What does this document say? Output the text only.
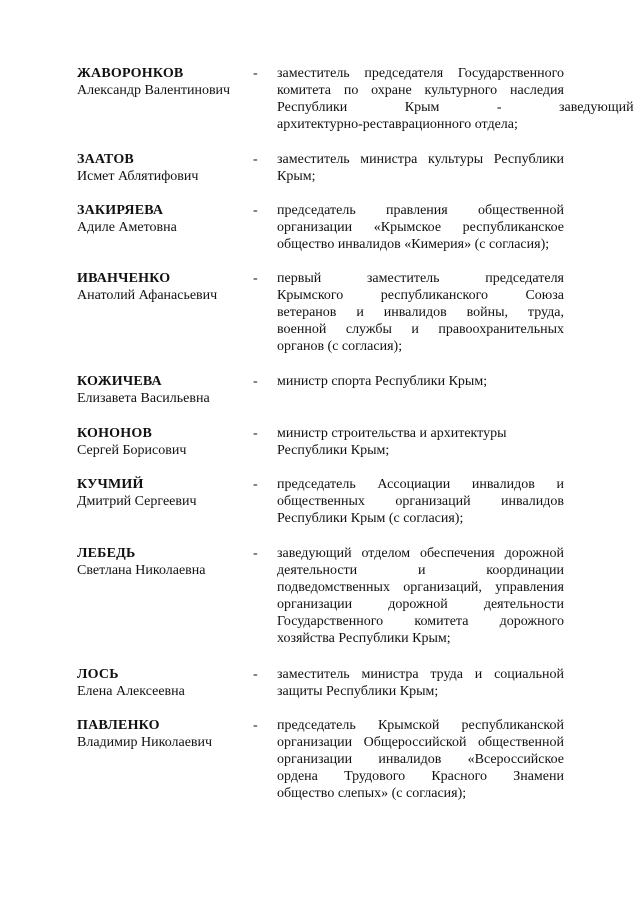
ЖАВОРОНКОВ
Александр Валентинович
-	заместитель председателя Государственного
комитета по охране культурного наследия
Республики Крым - заведующий
архитектурно-реставрационного отдела;
ЗААТОВ
Исмет Аблятифович
-	заместитель министра культуры Республики
Крым;
ЗАКИРЯЕВА
Адиле Аметовна
-	председатель правления общественной
организации «Крымское республиканское
общество инвалидов «Кимерия» (с согласия);
ИВАНЧЕНКО
Анатолий Афанасьевич
-	первый заместитель председателя
Крымского республиканского Союза
ветеранов и инвалидов войны, труда,
военной службы и правоохранительных
органов (с согласия);
КОЖИЧЕВА
Елизавета Васильевна
-	министр спорта Республики Крым;
КОНОНОВ
Сергей Борисович
-	министр строительства и архитектуры
Республики Крым;
КУЧМИЙ
Дмитрий Сергеевич
-	председатель Ассоциации инвалидов и
общественных организаций инвалидов
Республики Крым (с согласия);
ЛЕБЕДЬ
Светлана Николаевна
-	заведующий отделом обеспечения дорожной
деятельности и координации
подведомственных организаций, управления
организации дорожной деятельности
Государственного комитета дорожного
хозяйства Республики Крым;
ЛОСЬ
Елена Алексеевна
-	заместитель министра труда и социальной
защиты Республики Крым;
ПАВЛЕНКО
Владимир Николаевич
-	председатель Крымской республиканской
организации Общероссийской общественной
организации инвалидов «Всероссийское
ордена Трудового Красного Знамени
общество слепых» (с согласия);
